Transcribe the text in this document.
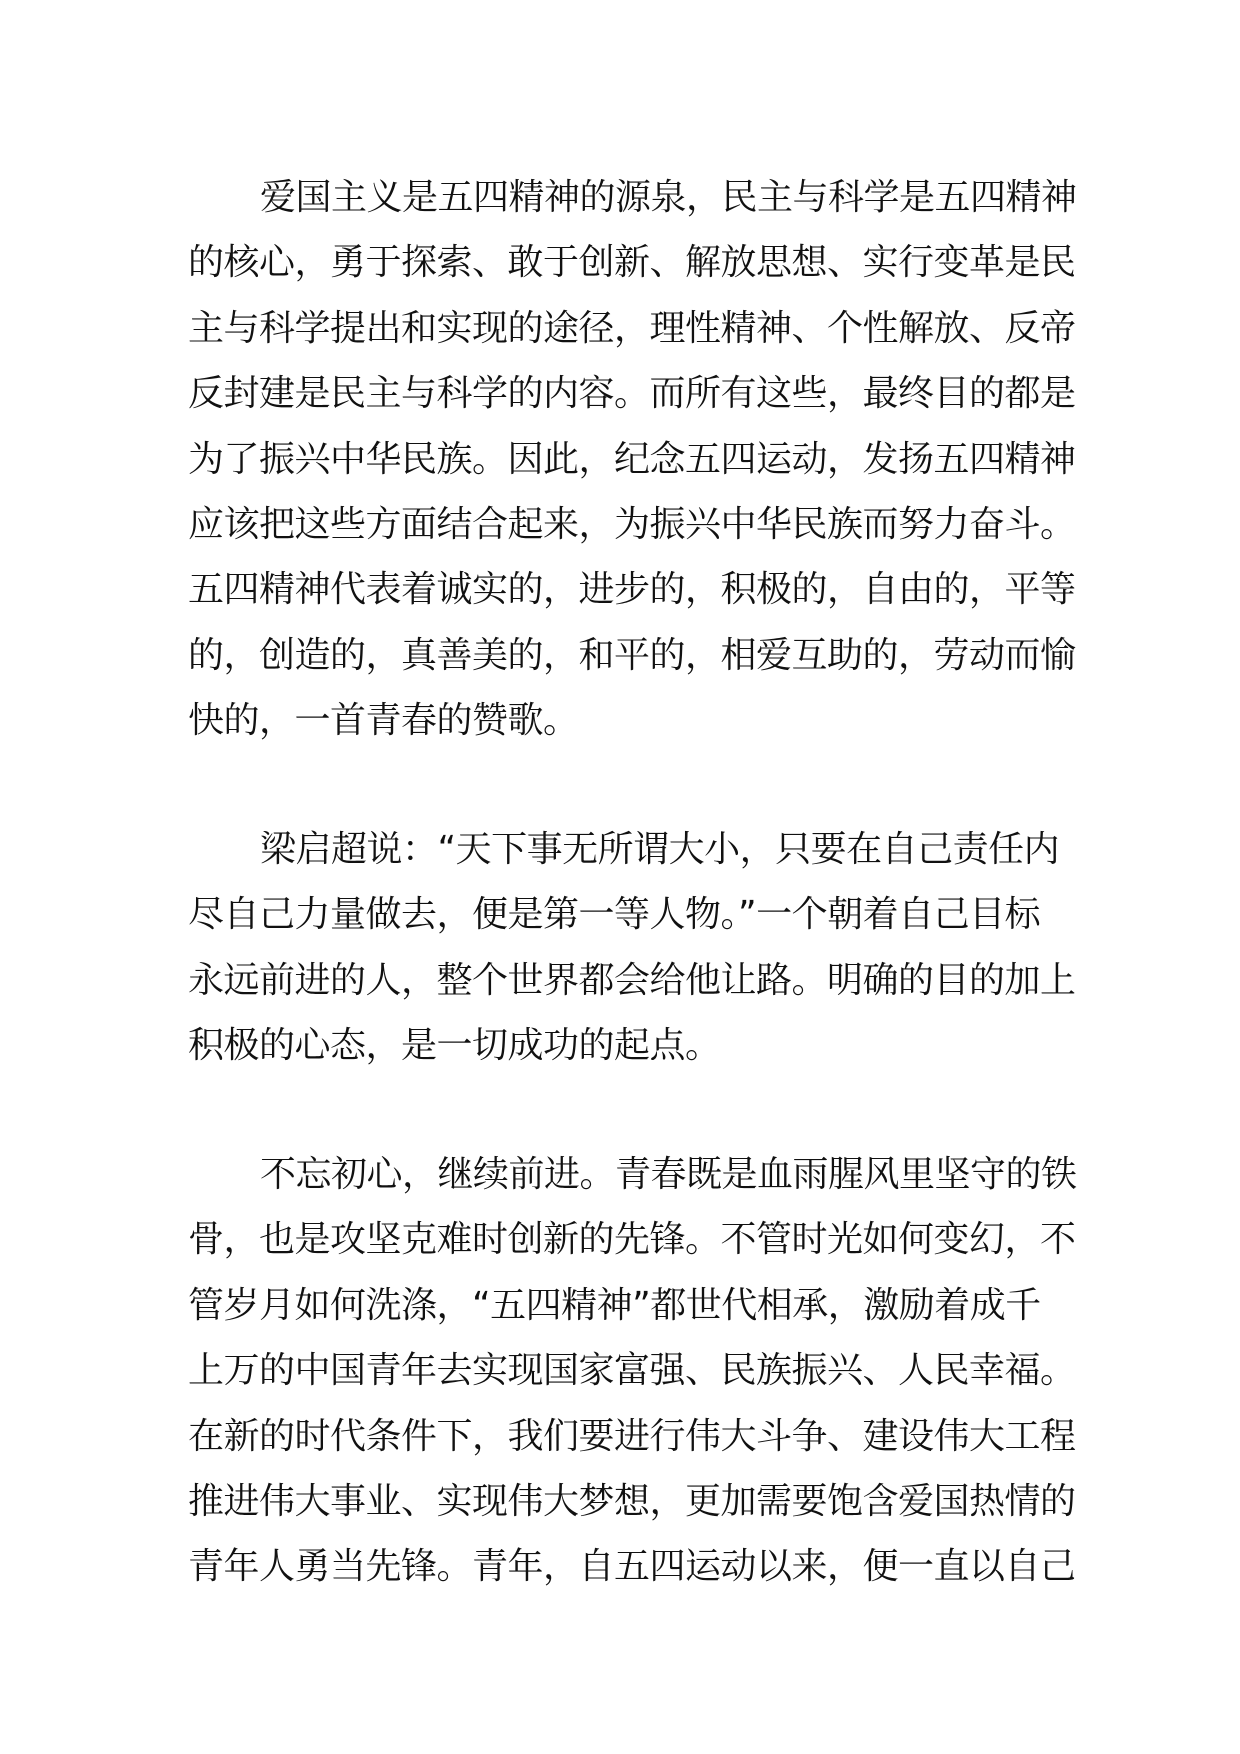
爱国主义是五四精神的源泉，民主与科学是五四精神
的核心，勇于探索、敢于创新、解放思想、实行变革是民
主与科学提出和实现的途径，理性精神、个性解放、反帝
反封建是民主与科学的内容。而所有这些，最终目的都是
为了振兴中华民族。因此，纪念五四运动，发扬五四精神
应该把这些方面结合起来，为振兴中华民族而努力奋斗。
五四精神代表着诚实的，进步的，积极的，自由的，平等
的，创造的，真善美的，和平的，相爱互助的，劳动而愉
快的，一首青春的赞歌。
梁启超说：“天下事无所谓大小，只要在自己责任内
尽自己力量做去，便是第一等人物。”一个朝着自己目标
永远前进的人，整个世界都会给他让路。明确的目的加上
积极的心态，是一切成功的起点。
不忘初心，继续前进。青春既是血雨腥风里坚守的铁
骨，也是攻坚克难时创新的先锋。不管时光如何变幻，不
管岁月如何洗涤，“五四精神”都世代相承，激励着成千
上万的中国青年去实现国家富强、民族振兴、人民幸福。
在新的时代条件下，我们要进行伟大斗争、建设伟大工程
推进伟大事业、实现伟大梦想，更加需要饱含爱国热情的
青年人勇当先锋。青年，自五四运动以来，便一直以自己
